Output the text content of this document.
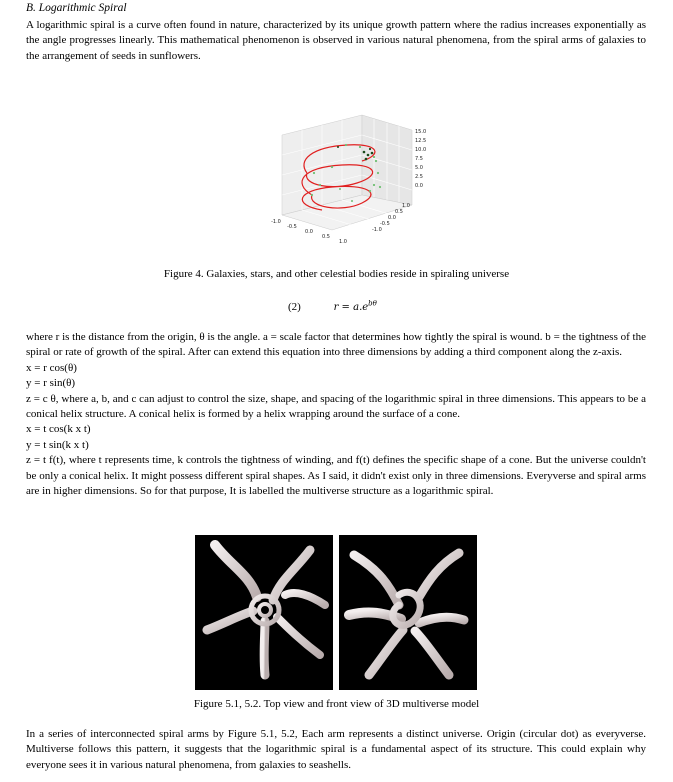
B. Logarithmic Spiral

A logarithmic spiral is a curve often found in nature, characterized by its unique growth pattern where the radius increases exponentially as the angle progresses linearly. This mathematical phenomenon is observed in various natural phenomena, from the spiral arms of galaxies to the arrangement of seeds in sunflowers.

15.0
12.5
10.0
7.5
5.0
2.5
0.0
-1.0
-0.5
0.0
0.5
1.0
1.0
0.5
0.0
-0.5
-1.0
Figure 4. Galaxies, stars, and other celestial bodies reside in spiraling universe
(2)	$r = a.e^{b\theta}$

where r is the distance from the origin, θ is the angle. a = scale factor that determines how tightly the spiral is wound. b = the tightness of the spiral or rate of growth of the spiral. After can extend this equation into three dimensions by adding a third component along the z-axis.

x = r cos(θ)

y = r sin(θ)

z = c θ, where a, b, and c can adjust to control the size, shape, and spacing of the logarithmic spiral in three dimensions. This appears to be a conical helix structure. A conical helix is formed by a helix wrapping around the surface of a cone.

x = t cos(k x t)

y = t sin(k x t)

z = t f(t), where t represents time, k controls the tightness of winding, and f(t) defines the specific shape of a cone. But the universe couldn't be only a conical helix. It might possess different spiral shapes. As I said, it didn't exist only in three dimensions. Everyverse and spiral arms are in higher dimensions. So for that purpose, It is labelled the multiverse structure as a logarithmic spiral.

Figure 5.1, 5.2. Top view and front view of 3D multiverse model

In a series of interconnected spiral arms by Figure 5.1, 5.2, Each arm represents a distinct universe. Origin (circular dot) as everyverse. Multiverse follows this pattern, it suggests that the logarithmic spiral is a fundamental aspect of its structure. This could explain why everyone sees it in various natural phenomena, from galaxies to seashells.
